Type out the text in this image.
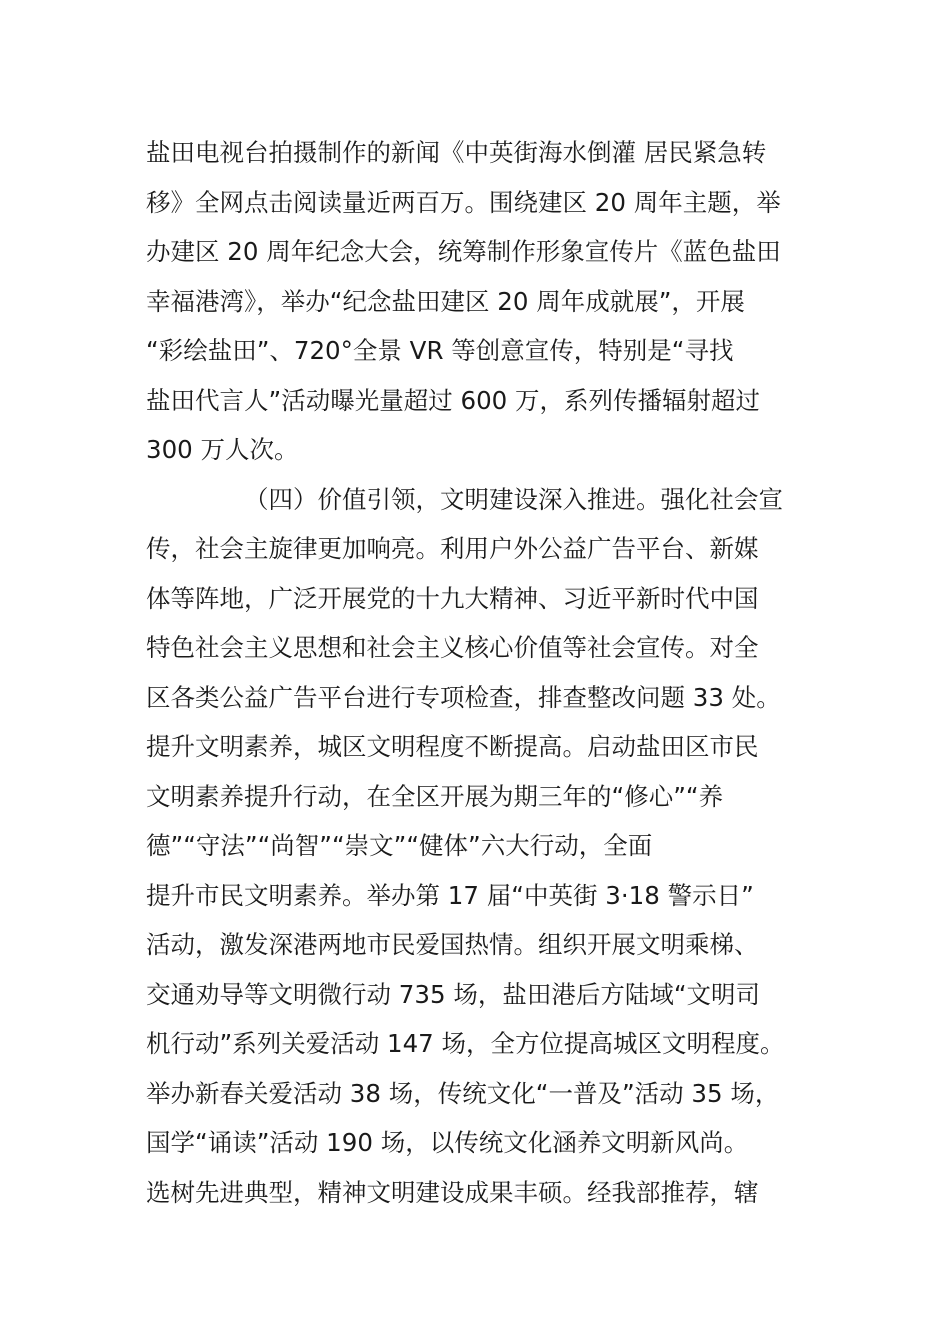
盐田电视台拍摄制作的新闻《中英街海水倒灌 居民紧急转
移》全网点击阅读量近两百万。围绕建区 20 周年主题，举
办建区 20 周年纪念大会，统筹制作形象宣传片《蓝色盐田
幸福港湾》，举办“纪念盐田建区 20 周年成就展”，开展
“彩绘盐田”、720°全景 VR 等创意宣传，特别是“寻找
盐田代言人”活动曝光量超过 600 万，系列传播辐射超过
300 万人次。
（四）价值引领，文明建设深入推进。强化社会宣
传，社会主旋律更加响亮。利用户外公益广告平台、新媒
体等阵地，广泛开展党的十九大精神、习近平新时代中国
特色社会主义思想和社会主义核心价值等社会宣传。对全
区各类公益广告平台进行专项检查，排查整改问题 33 处。
提升文明素养，城区文明程度不断提高。启动盐田区市民
文明素养提升行动，在全区开展为期三年的“修心”“养
德”“守法”“尚智”“崇文”“健体”六大行动，全面
提升市民文明素养。举办第 17 届“中英街 3·18 警示日”
活动，激发深港两地市民爱国热情。组织开展文明乘梯、
交通劝导等文明微行动 735 场，盐田港后方陆域“文明司
机行动”系列关爱活动 147 场，全方位提高城区文明程度。
举办新春关爱活动 38 场，传统文化“一普及”活动 35 场，
国学“诵读”活动 190 场，以传统文化涵养文明新风尚。
选树先进典型，精神文明建设成果丰硕。经我部推荐，辖
